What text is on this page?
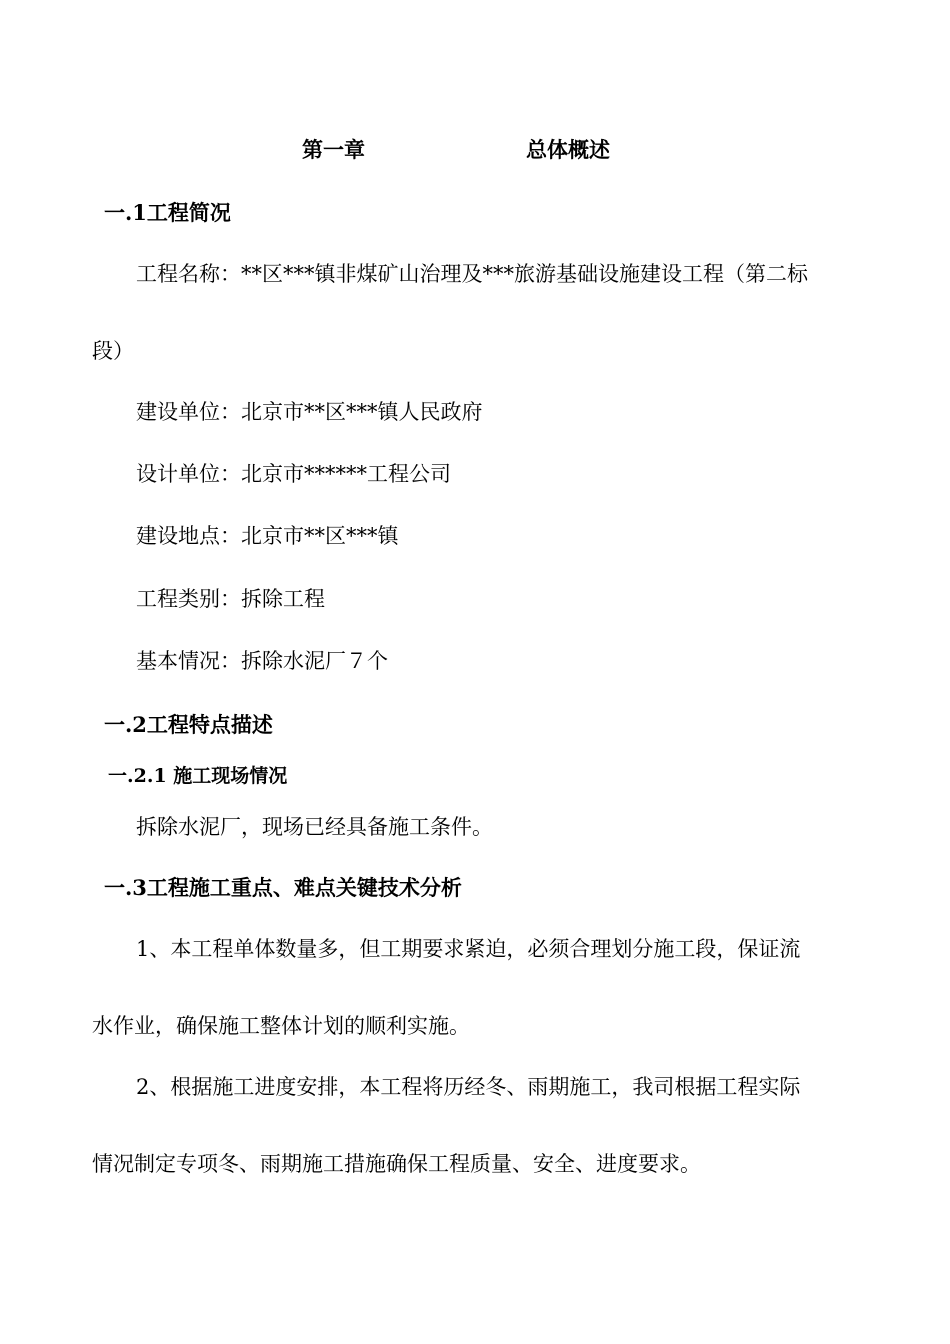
第一章	总体概述
一.1工程简况
工程名称：**区***镇非煤矿山治理及***旅游基础设施建设工程（第二标
段）
建设单位：北京市**区***镇人民政府
设计单位：北京市******工程公司
建设地点：北京市**区***镇
工程类别：拆除工程
基本情况：拆除水泥厂７个
一.2工程特点描述
一.2.1 施工现场情况
拆除水泥厂，现场已经具备施工条件。
一.3工程施工重点、难点关键技术分析
1、本工程单体数量多，但工期要求紧迫，必须合理划分施工段，保证流
水作业，确保施工整体计划的顺利实施。
2、根据施工进度安排，本工程将历经冬、雨期施工，我司根据工程实际
情况制定专项冬、雨期施工措施确保工程质量、安全、进度要求。
